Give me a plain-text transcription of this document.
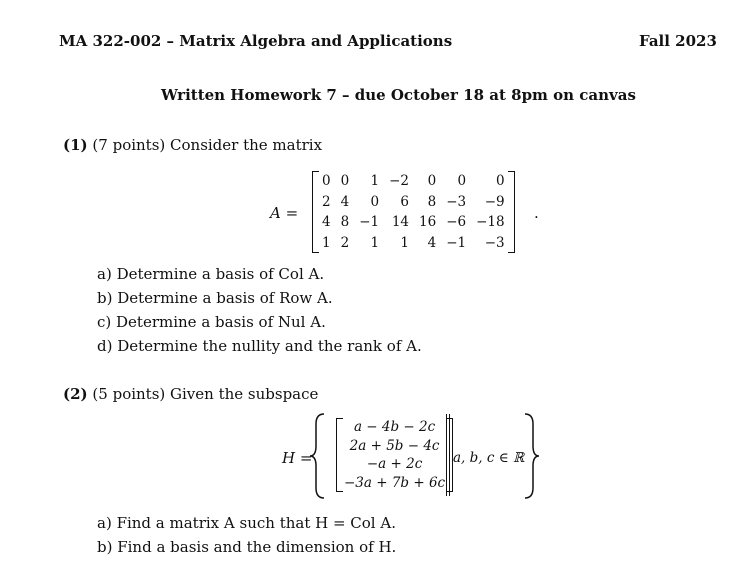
MA 322-002 – Matrix Algebra and Applications	Fall 2023
Written Homework 7 – due October 18 at 8pm on canvas
(1) (7 points) Consider the matrix
A =
0	0	1	−2	0	0	0
2	4	0	6	8	−3	−9
4	8	−1	14	16	−6	−18
1	2	1	1	4	−1	−3
.
a) Determine a basis of Col A.
b) Determine a basis of Row A.
c) Determine a basis of Nul A.
d) Determine the nullity and the rank of A.
(2) (5 points) Given the subspace
H =
a − 4b − 2c
2a + 5b − 4c
−a + 2c
−3a + 7b + 6c
a, b, c ∈ ℝ
a) Find a matrix A such that H = Col A.
b) Find a basis and the dimension of H.
